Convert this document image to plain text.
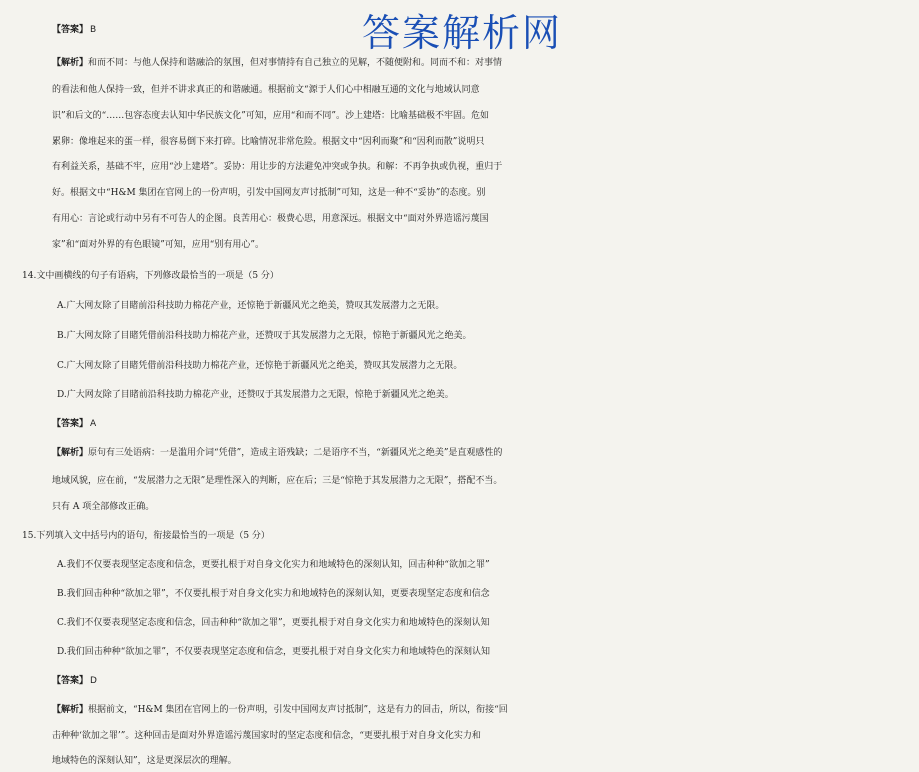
答案解析网
【答案】 B
【解析】和而不同：与他人保持和谐融洽的氛围，但对事情持有自己独立的见解，不随便附和。同而不和：对事情
的看法和他人保持一致，但并不讲求真正的和谐融通。根据前文“源于人们心中相融互通的文化与地域认同意
识”和后文的“……包容态度去认知中华民族文化”可知，应用“和而不同”。沙上建塔：比喻基础极不牢固。危如
累卵：像堆起来的蛋一样，很容易倒下来打碎。比喻情况非常危险。根据文中“因利而聚”和“因利而散”说明只
有利益关系，基础不牢，应用“沙上建塔”。妥协：用让步的方法避免冲突或争执。和解：不再争执或仇视，重归于
好。根据文中“H&M 集团在官网上的一份声明，引发中国网友声讨抵制”可知，这是一种不“妥协”的态度。别
有用心：言论或行动中另有不可告人的企图。良苦用心：极费心思，用意深远。根据文中“面对外界造谣污蔑国
家”和“面对外界的有色眼镜”可知，应用“别有用心”。
14.文中画横线的句子有语病，下列修改最恰当的一项是（5 分）
A.广大网友除了目睹前沿科技助力棉花产业，还惊艳于新疆风光之绝美，赞叹其发展潜力之无限。
B.广大网友除了目睹凭借前沿科技助力棉花产业，还赞叹于其发展潜力之无限，惊艳于新疆风光之绝美。
C.广大网友除了目睹凭借前沿科技助力棉花产业，还惊艳于新疆风光之绝美，赞叹其发展潜力之无限。
D.广大网友除了目睹前沿科技助力棉花产业，还赞叹于其发展潜力之无限，惊艳于新疆风光之绝美。
【答案】 A
【解析】原句有三处语病：一是滥用介词“凭借”，造成主语残缺；二是语序不当，“新疆风光之绝美”是直观感性的
地域风貌，应在前，“发展潜力之无限”是理性深入的判断，应在后；三是“惊艳于其发展潜力之无限”，搭配不当。
只有 A 项全部修改正确。
15.下列填入文中括号内的语句，衔接最恰当的一项是（5 分）
A.我们不仅要表现坚定态度和信念，更要扎根于对自身文化实力和地域特色的深刻认知，回击种种“欲加之罪”
B.我们回击种种“欲加之罪”，不仅要扎根于对自身文化实力和地域特色的深刻认知，更要表现坚定态度和信念
C.我们不仅要表现坚定态度和信念，回击种种“欲加之罪”，更要扎根于对自身文化实力和地域特色的深刻认知
D.我们回击种种“欲加之罪”，不仅要表现坚定态度和信念，更要扎根于对自身文化实力和地域特色的深刻认知
【答案】 D
【解析】根据前文，“H&M 集团在官网上的一份声明，引发中国网友声讨抵制”，这是有力的回击，所以，衔接“回
击种种‘欲加之罪’”。这种回击是面对外界造谣污蔑国家时的坚定态度和信念，“更要扎根于对自身文化实力和
地域特色的深刻认知”，这是更深层次的理解。
